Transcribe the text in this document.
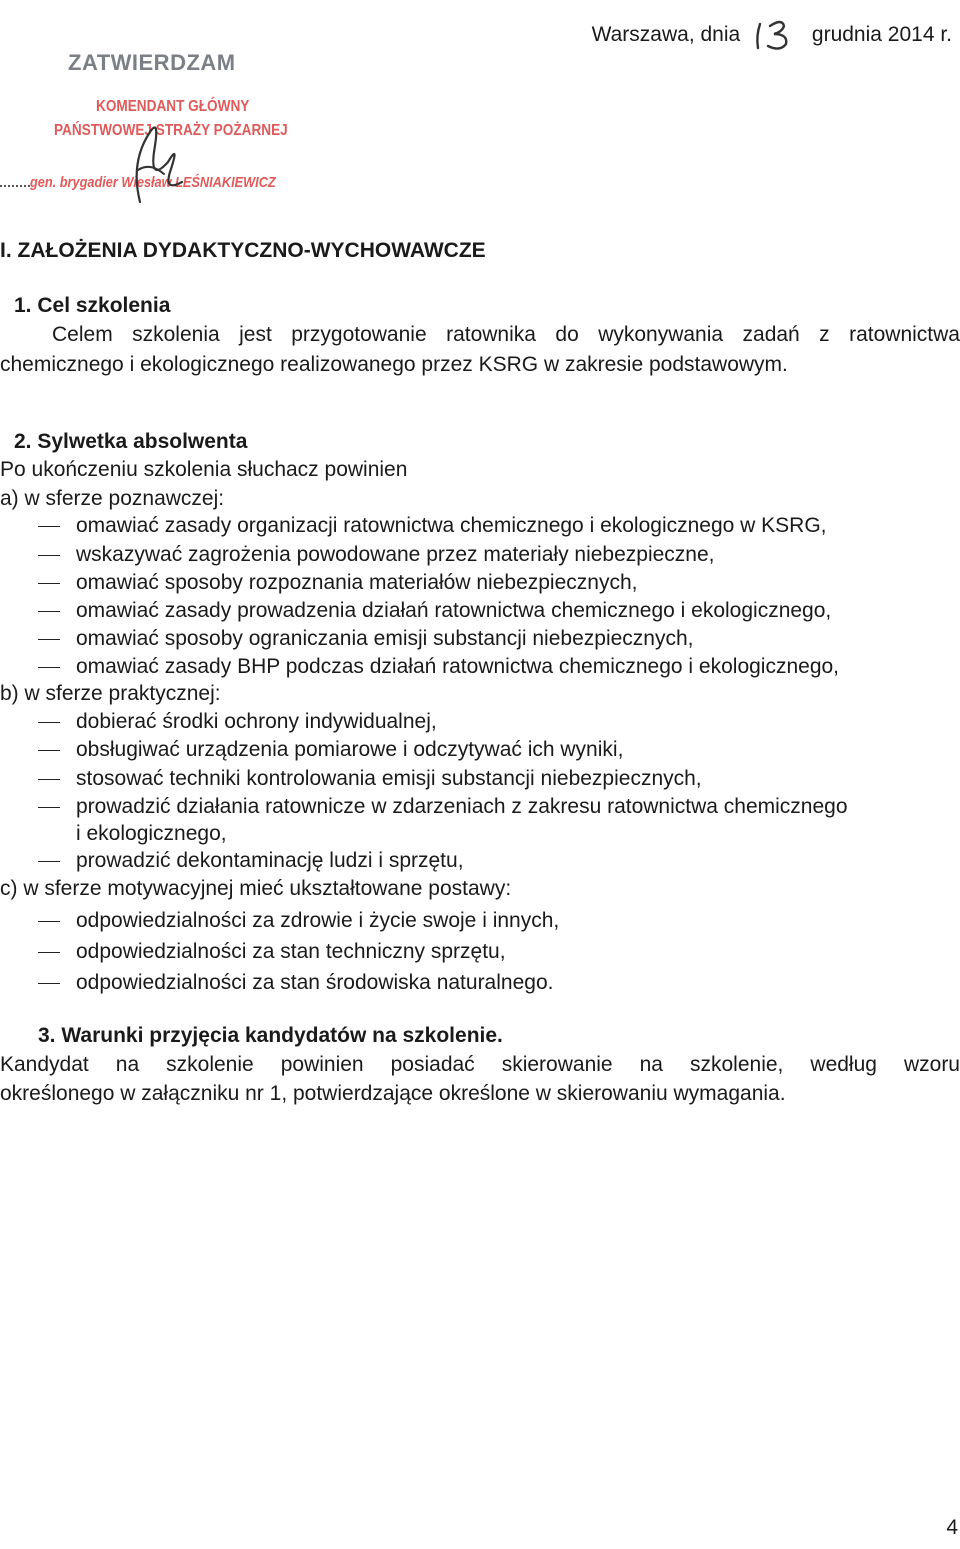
Warszawa, dnia	grudnia 2014 r.
ZATWIERDZAM
KOMENDANT GŁÓWNY
PAŃSTWOWEJ STRAŻY POŻARNEJ
gen. brygadier Wiesław LEŚNIAKIEWICZ
I. ZAŁOŻENIA DYDAKTYCZNO-WYCHOWAWCZE
1. Cel szkolenia
Celem szkolenia jest przygotowanie ratownika do wykonywania zadań z ratownictwa
chemicznego i ekologicznego realizowanego przez KSRG w zakresie podstawowym.
2. Sylwetka absolwenta
Po ukończeniu szkolenia słuchacz powinien
a) w sferze poznawczej:
omawiać zasady organizacji ratownictwa chemicznego i ekologicznego w KSRG,
wskazywać zagrożenia powodowane przez materiały niebezpieczne,
omawiać sposoby rozpoznania materiałów niebezpiecznych,
omawiać zasady prowadzenia działań ratownictwa chemicznego i ekologicznego,
omawiać sposoby ograniczania emisji substancji niebezpiecznych,
omawiać zasady BHP podczas działań ratownictwa chemicznego i ekologicznego,
b) w sferze praktycznej:
dobierać środki ochrony indywidualnej,
obsługiwać urządzenia pomiarowe i odczytywać ich wyniki,
stosować techniki kontrolowania emisji substancji niebezpiecznych,
prowadzić działania ratownicze w zdarzeniach z zakresu ratownictwa chemicznego
i ekologicznego,
prowadzić dekontaminację ludzi i sprzętu,
c) w sferze motywacyjnej mieć ukształtowane postawy:
odpowiedzialności za zdrowie i życie swoje i innych,
odpowiedzialności za stan techniczny sprzętu,
odpowiedzialności za stan środowiska naturalnego.
3. Warunki przyjęcia kandydatów na szkolenie.
Kandydat na szkolenie powinien posiadać skierowanie na szkolenie, według wzoru
określonego w załączniku nr 1, potwierdzające określone w skierowaniu wymagania.
4
